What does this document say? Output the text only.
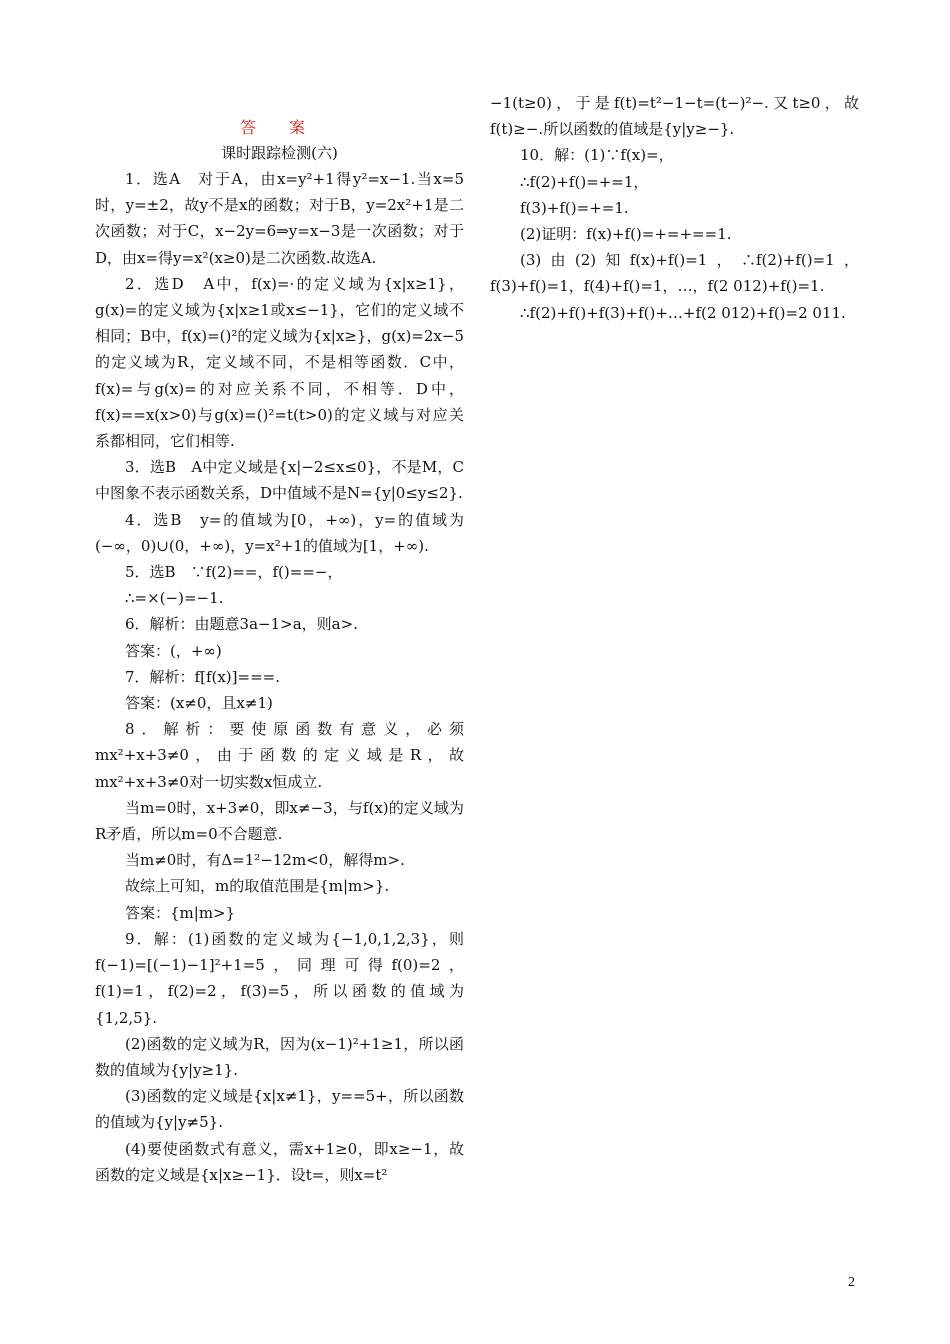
答 案
课时跟踪检测(六)

1．选A　对于A，由x=y²+1得y²=x−1.当x=5时，y=±2，故y不是x的函数；对于B，y=2x²+1是二次函数；对于C，x−2y=6⇒y=x−3是一次函数；对于D，由x=得y=x²(x≥0)是二次函数.故选A.

2．选D　A中，f(x)=·的定义域为{x|x≥1}，g(x)=的定义域为{x|x≥1或x≤−1}，它们的定义域不相同；B中，f(x)=()²的定义域为{x|x≥}，g(x)=2x−5的定义域为R，定义域不同，不是相等函数．C中，f(x)=与g(x)=的对应关系不同，不相等．D中，f(x)==x(x>0)与g(x)=()²=t(t>0)的定义域与对应关系都相同，它们相等.

3．选B　A中定义域是{x|−2≤x≤0}，不是M，C中图象不表示函数关系，D中值域不是N={y|0≤y≤2}.

4．选B　y=的值域为[0，+∞)，y=的值域为(−∞，0)∪(0，+∞)，y=x²+1的值域为[1，+∞).

5．选B　∵f(2)==，f()==−，

∴=×(−)=−1.

6．解析：由题意3a−1>a，则a>.

答案：(，+∞)

7．解析：f[f(x)]===.

答案：(x≠0，且x≠1)

8．解析：要使原函数有意义，必须mx²+x+3≠0，由于函数的定义域是R，故mx²+x+3≠0对一切实数x恒成立.

当m=0时，x+3≠0，即x≠−3，与f(x)的定义域为R矛盾，所以m=0不合题意.

当m≠0时，有Δ=1²−12m<0，解得m>.

故综上可知，m的取值范围是{m|m>}.

答案：{m|m>}

9．解：(1)函数的定义域为{−1,0,1,2,3}，则f(−1)=[(−1)−1]²+1=5，同理可得f(0)=2，f(1)=1，f(2)=2，f(3)=5，所以函数的值域为{1,2,5}.

(2)函数的定义域为R，因为(x−1)²+1≥1，所以函数的值域为{y|y≥1}.

(3)函数的定义域是{x|x≠1}，y==5+，所以函数的值域为{y|y≠5}.

(4)要使函数式有意义，需x+1≥0，即x≥−1，故函数的定义域是{x|x≥−1}．设t=，则x=t²

−1(t≥0)，于是f(t)=t²−1−t=(t−)²−.又t≥0，故f(t)≥−.所以函数的值域是{y|y≥−}.

10．解：(1)∵f(x)=，

∴f(2)+f()=+=1，

f(3)+f()=+=1.

(2)证明：f(x)+f()=+=+==1.

(3)由(2)知f(x)+f()=1，∴f(2)+f()=1，f(3)+f()=1，f(4)+f()=1，…，f(2 012)+f()=1.

∴f(2)+f()+f(3)+f()+…+f(2 012)+f()=2 011.

2
